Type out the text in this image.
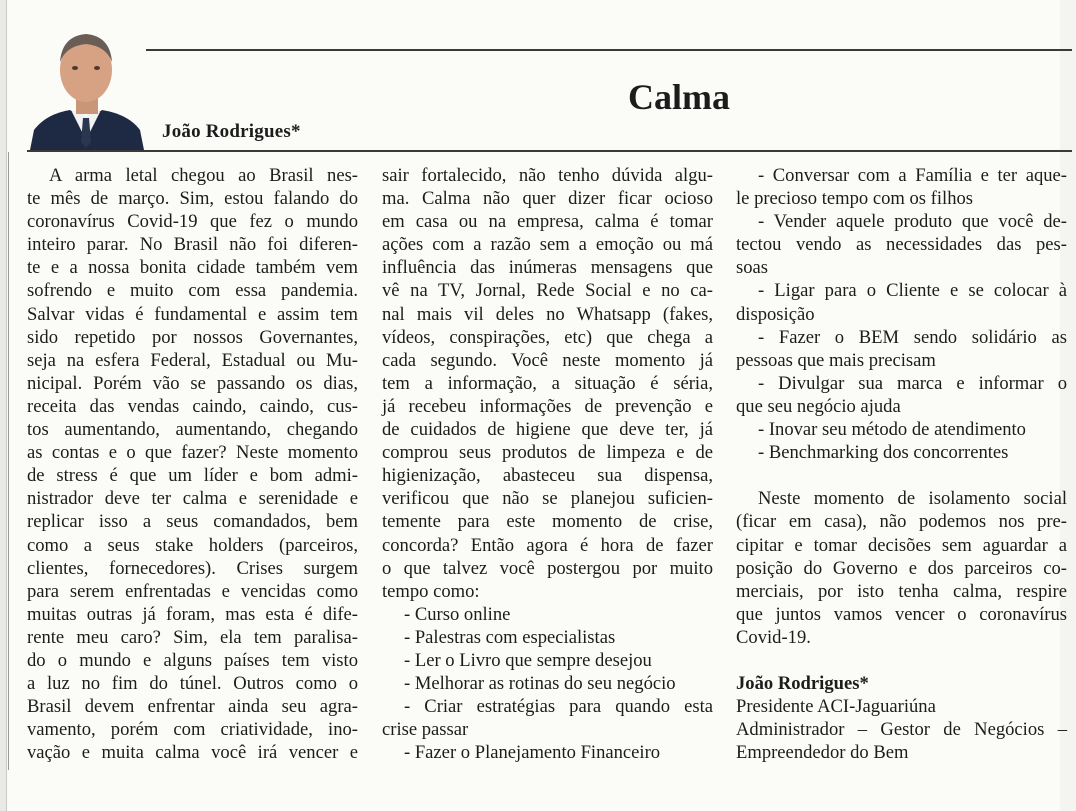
João Rodrigues*
Calma
A arma letal chegou ao Brasil nes-
te mês de março. Sim, estou falando do
coronavírus Covid-19 que fez o mundo
inteiro parar. No Brasil não foi diferen-
te e a nossa bonita cidade também vem
sofrendo e muito com essa pandemia.
Salvar vidas é fundamental e assim tem
sido repetido por nossos Governantes,
seja na esfera Federal, Estadual ou Mu-
nicipal. Porém vão se passando os dias,
receita das vendas caindo, caindo, cus-
tos aumentando, aumentando, chegando
as contas e o que fazer? Neste momento
de stress é que um líder e bom admi-
nistrador deve ter calma e serenidade e
replicar isso a seus comandados, bem
como a seus stake holders (parceiros,
clientes, fornecedores). Crises surgem
para serem enfrentadas e vencidas como
muitas outras já foram, mas esta é dife-
rente meu caro? Sim, ela tem paralisa-
do o mundo e alguns países tem visto
a luz no fim do túnel. Outros como o
Brasil devem enfrentar ainda seu agra-
vamento, porém com criatividade, ino-
vação e muita calma você irá vencer e
sair fortalecido, não tenho dúvida algu-
ma. Calma não quer dizer ficar ocioso
em casa ou na empresa, calma é tomar
ações com a razão sem a emoção ou má
influência das inúmeras mensagens que
vê na TV, Jornal, Rede Social e no ca-
nal mais vil deles no Whatsapp (fakes,
vídeos, conspirações, etc) que chega a
cada segundo. Você neste momento já
tem a informação, a situação é séria,
já recebeu informações de prevenção e
de cuidados de higiene que deve ter, já
comprou seus produtos de limpeza e de
higienização, abasteceu sua dispensa,
verificou que não se planejou suficien-
temente para este momento de crise,
concorda? Então agora é hora de fazer
o que talvez você postergou por muito
tempo como:
- Curso online
- Palestras com especialistas
- Ler o Livro que sempre desejou
- Melhorar as rotinas do seu negócio
- Criar estratégias para quando esta
crise passar
- Fazer o Planejamento Financeiro
- Conversar com a Família e ter aque-
le precioso tempo com os filhos
- Vender aquele produto que você de-
tectou vendo as necessidades das pes-
soas
- Ligar para o Cliente e se colocar à
disposição
- Fazer o BEM sendo solidário as
pessoas que mais precisam
- Divulgar sua marca e informar o
que seu negócio ajuda
- Inovar seu método de atendimento
- Benchmarking dos concorrentes
Neste momento de isolamento social
(ficar em casa), não podemos nos pre-
cipitar e tomar decisões sem aguardar a
posição do Governo e dos parceiros co-
merciais, por isto tenha calma, respire
que juntos vamos vencer o coronavírus
Covid-19.
João Rodrigues*
Presidente ACI-Jaguariúna
Administrador – Gestor de Negócios –
Empreendedor do Bem
